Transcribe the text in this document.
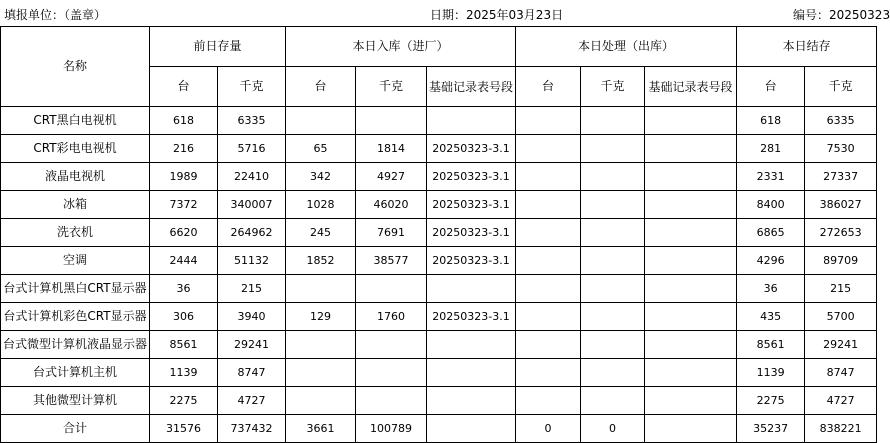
填报单位：（盖章）	日期：2025年03月23日	编号：20250323
名称	前日存量		本日入库（进厂）			本日处理（出库）			本日结存	
	台	千克	台	千克	基础记录表号段	台	千克	基础记录表号段	台	千克
CRT黑白电视机	618	6335							618	6335
CRT彩电电视机	216	5716	65	1814	20250323-3.1				281	7530
液晶电视机	1989	22410	342	4927	20250323-3.1				2331	27337
冰箱	7372	340007	1028	46020	20250323-3.1				8400	386027
洗衣机	6620	264962	245	7691	20250323-3.1				6865	272653
空调	2444	51132	1852	38577	20250323-3.1				4296	89709
台式计算机黑白CRT显示器	36	215							36	215
台式计算机彩色CRT显示器	306	3940	129	1760	20250323-3.1				435	5700
台式微型计算机液晶显示器	8561	29241							8561	29241
台式计算机主机	1139	8747							1139	8747
其他微型计算机	2275	4727							2275	4727
合计	31576	737432	3661	100789		0	0		35237	838221
